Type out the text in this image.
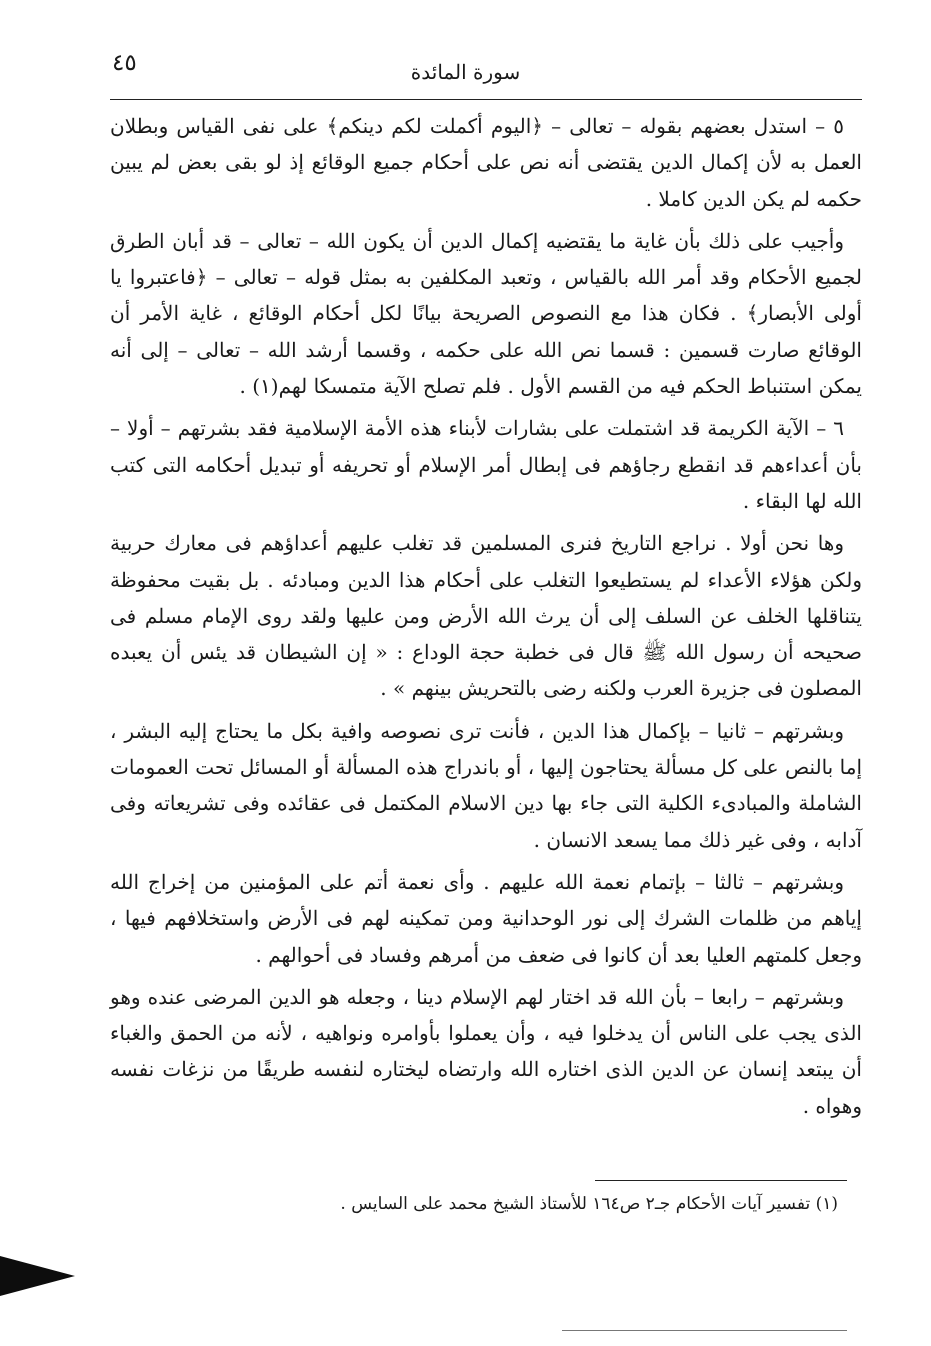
٤٥	سورة المائدة

٥ – استدل بعضهم بقوله – تعالى – ﴿اليوم أكملت لكم دينكم﴾ على نفى القياس وبطلان العمل به لأن إكمال الدين يقتضى أنه نص على أحكام جميع الوقائع إذ لو بقى بعض لم يبين حكمه لم يكن الدين كاملا .

وأجيب على ذلك بأن غاية ما يقتضيه إكمال الدين أن يكون الله – تعالى – قد أبان الطرق لجميع الأحكام وقد أمر الله بالقياس ، وتعبد المكلفين به بمثل قوله – تعالى – ﴿فاعتبروا يا أولى الأبصار﴾ . فكان هذا مع النصوص الصريحة بيانًا لكل أحكام الوقائع ، غاية الأمر أن الوقائع صارت قسمين : قسما نص الله على حكمه ، وقسما أرشد الله – تعالى – إلى أنه يمكن استنباط الحكم فيه من القسم الأول . فلم تصلح الآية متمسكا لهم(١) .

٦ – الآية الكريمة قد اشتملت على بشارات لأبناء هذه الأمة الإسلامية فقد بشرتهم – أولا – بأن أعداءهم قد انقطع رجاؤهم فى إبطال أمر الإسلام أو تحريفه أو تبديل أحكامه التى كتب الله لها البقاء .

وها نحن أولا . نراجع التاريخ فنرى المسلمين قد تغلب عليهم أعداؤهم فى معارك حربية ولكن هؤلاء الأعداء لم يستطيعوا التغلب على أحكام هذا الدين ومبادئه . بل بقيت محفوظة يتناقلها الخلف عن السلف إلى أن يرث الله الأرض ومن عليها ولقد روى الإمام مسلم فى صحيحه أن رسول الله ﷺ قال فى خطبة حجة الوداع : « إن الشيطان قد يئس أن يعبده المصلون فى جزيرة العرب ولكنه رضى بالتحريش بينهم » .

وبشرتهم – ثانيا – بإكمال هذا الدين ، فأنت ترى نصوصه وافية بكل ما يحتاج إليه البشر ، إما بالنص على كل مسألة يحتاجون إليها ، أو باندراج هذه المسألة أو المسائل تحت العمومات الشاملة والمبادىء الكلية التى جاء بها دين الاسلام المكتمل فى عقائده وفى تشريعاته وفى آدابه ، وفى غير ذلك مما يسعد الانسان .

وبشرتهم – ثالثا – بإتمام نعمة الله عليهم . وأى نعمة أتم على المؤمنين من إخراج الله إياهم من ظلمات الشرك إلى نور الوحدانية ومن تمكينه لهم فى الأرض واستخلافهم فيها ، وجعل كلمتهم العليا بعد أن كانوا فى ضعف من أمرهم وفساد فى أحوالهم .

وبشرتهم – رابعا – بأن الله قد اختار لهم الإسلام دينا ، وجعله هو الدين المرضى عنده وهو الذى يجب على الناس أن يدخلوا فيه ، وأن يعملوا بأوامره ونواهيه ، لأنه من الحمق والغباء أن يبتعد إنسان عن الدين الذى اختاره الله وارتضاه ليختاره لنفسه طريقًا من نزغات نفسه وهواه .

(١) تفسير آيات الأحكام جـ٢ ص١٦٤ للأستاذ الشيخ محمد على السايس .
